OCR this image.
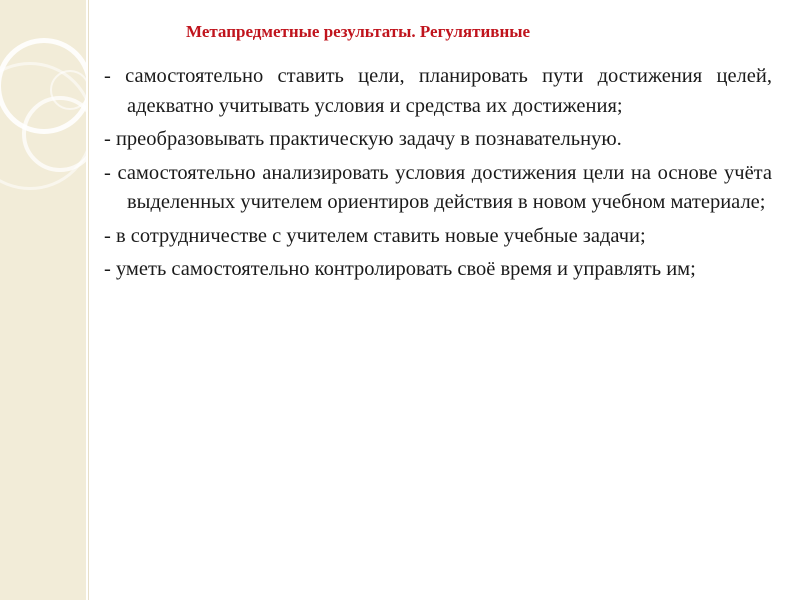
Метапредметные результаты. Регулятивные
- самостоятельно ставить цели, планировать пути достижения целей, адекватно учитывать условия и средства их достижения;
- преобразовывать практическую задачу в познавательную.
- самостоятельно анализировать условия достижения цели на основе учёта выделенных учителем ориентиров действия в новом учебном материале;
- в сотрудничестве с учителем ставить новые учебные задачи;
- уметь самостоятельно контролировать своё время и управлять им;
